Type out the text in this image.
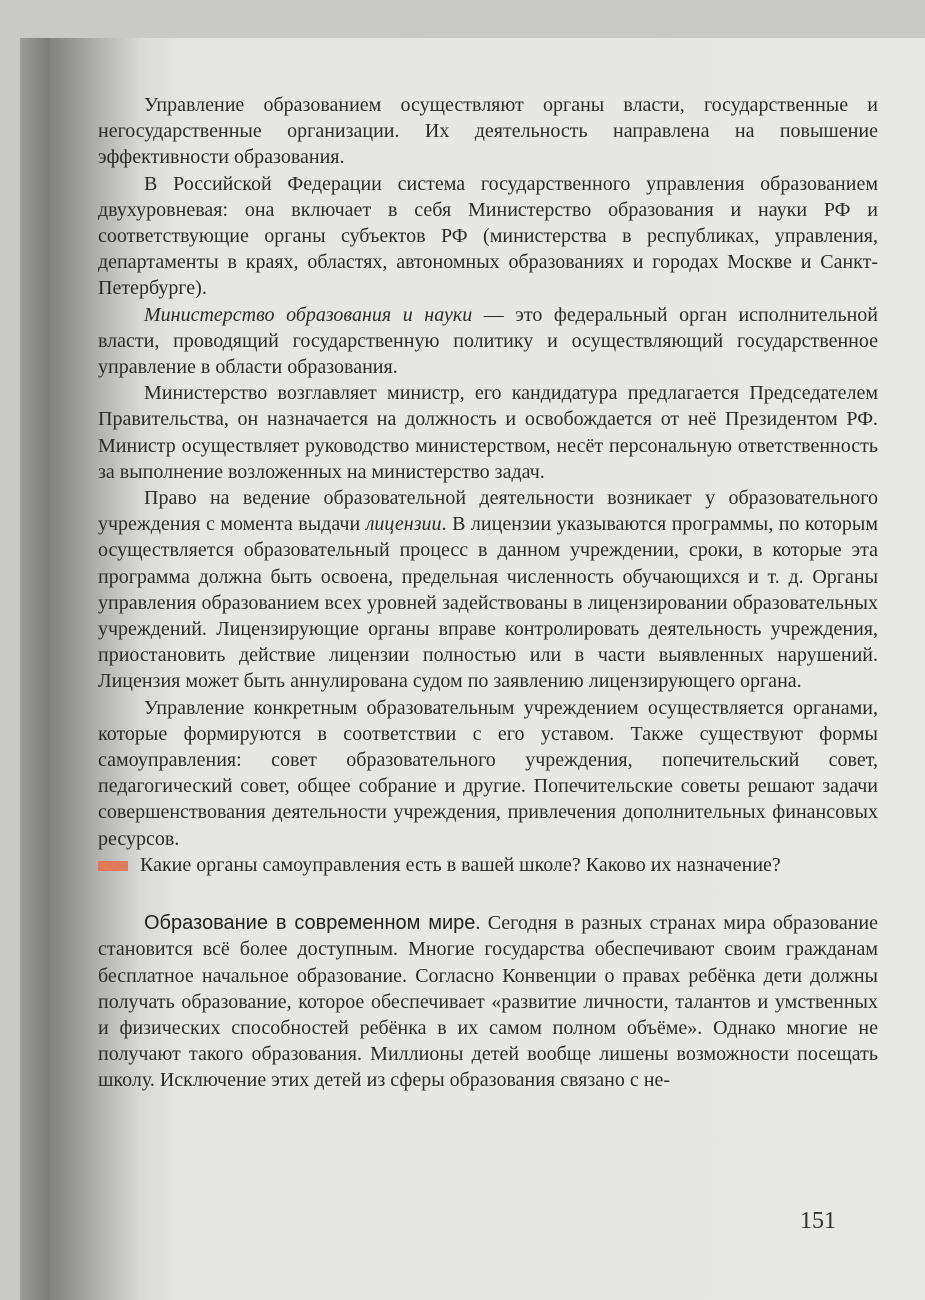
Управление образованием осуществляют органы власти, государственные и негосударственные организации. Их деятельность направлена на повышение эффективности образования.

В Российской Федерации система государственного управления образованием двухуровневая: она включает в себя Министерство образования и науки РФ и соответствующие органы субъектов РФ (министерства в республиках, управления, департаменты в краях, областях, автономных образованиях и городах Москве и Санкт-Петербурге).

Министерство образования и науки — это федеральный орган исполнительной власти, проводящий государственную политику и осуществляющий государственное управление в области образования.

Министерство возглавляет министр, его кандидатура предлагается Председателем Правительства, он назначается на должность и освобождается от неё Президентом РФ. Министр осуществляет руководство министерством, несёт персональную ответственность за выполнение возложенных на министерство задач.

Право на ведение образовательной деятельности возникает у образовательного учреждения с момента выдачи лицензии. В лицензии указываются программы, по которым осуществляется образовательный процесс в данном учреждении, сроки, в которые эта программа должна быть освоена, предельная численность обучающихся и т. д. Органы управления образованием всех уровней задействованы в лицензировании образовательных учреждений. Лицензирующие органы вправе контролировать деятельность учреждения, приостановить действие лицензии полностью или в части выявленных нарушений. Лицензия может быть аннулирована судом по заявлению лицензирующего органа.

Управление конкретным образовательным учреждением осуществляется органами, которые формируются в соответствии с его уставом. Также существуют формы самоуправления: совет образовательного учреждения, попечительский совет, педагогический совет, общее собрание и другие. Попечительские советы решают задачи совершенствования деятельности учреждения, привлечения дополнительных финансовых ресурсов.

Какие органы самоуправления есть в вашей школе? Каково их назначение?

Образование в современном мире. Сегодня в разных странах мира образование становится всё более доступным. Многие государства обеспечивают своим гражданам бесплатное начальное образование. Согласно Конвенции о правах ребёнка дети должны получать образование, которое обеспечивает «развитие личности, талантов и умственных и физических способностей ребёнка в их самом полном объёме». Однако многие не получают такого образования. Миллионы детей вообще лишены возможности посещать школу. Исключение этих детей из сферы образования связано с не-

151
